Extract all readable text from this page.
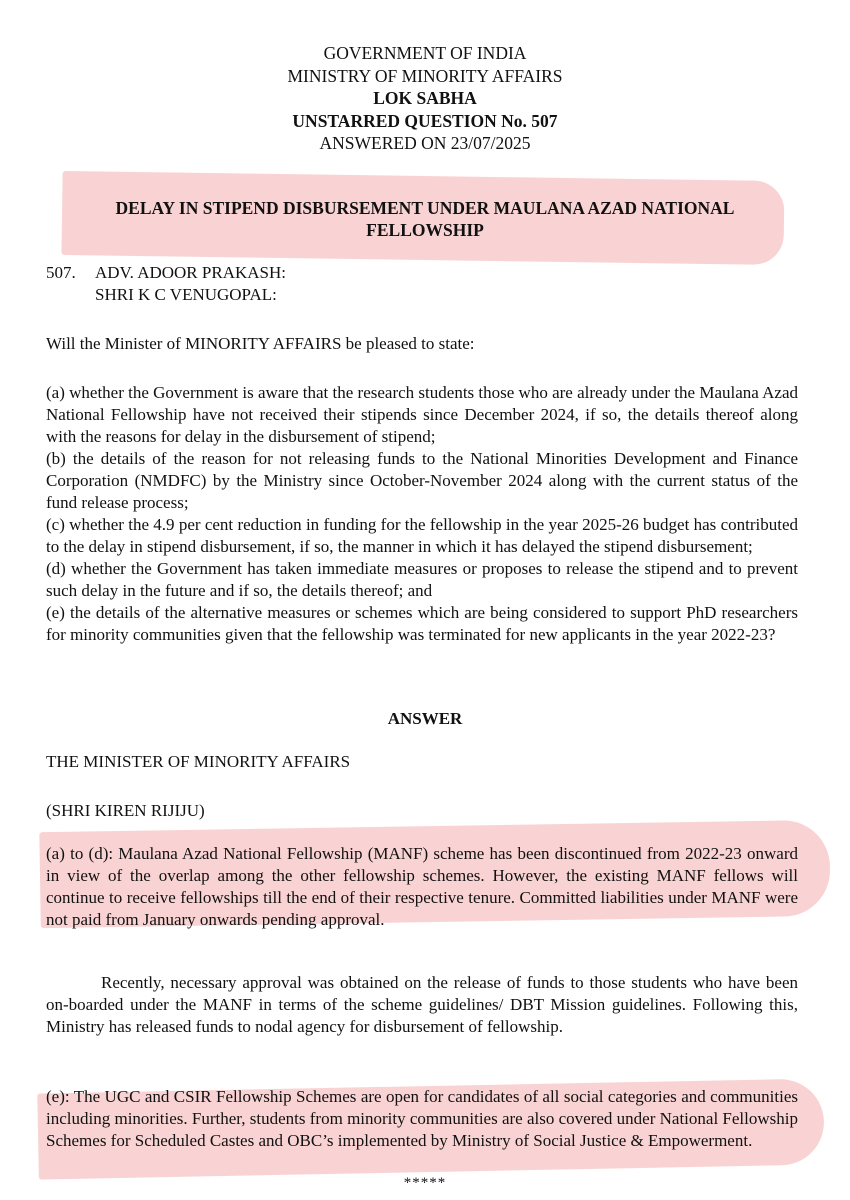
GOVERNMENT OF INDIA
MINISTRY OF MINORITY AFFAIRS
LOK SABHA
UNSTARRED QUESTION No. 507
ANSWERED ON 23/07/2025
DELAY IN STIPEND DISBURSEMENT UNDER MAULANA AZAD NATIONAL FELLOWSHIP
507. ADV. ADOOR PRAKASH:
SHRI K C VENUGOPAL:
Will the Minister of MINORITY AFFAIRS be pleased to state:
(a) whether the Government is aware that the research students those who are already under the Maulana Azad National Fellowship have not received their stipends since December 2024, if so, the details thereof along with the reasons for delay in the disbursement of stipend;
(b) the details of the reason for not releasing funds to the National Minorities Development and Finance Corporation (NMDFC) by the Ministry since October-November 2024 along with the current status of the fund release process;
(c) whether the 4.9 per cent reduction in funding for the fellowship in the year 2025-26 budget has contributed to the delay in stipend disbursement, if so, the manner in which it has delayed the stipend disbursement;
(d) whether the Government has taken immediate measures or proposes to release the stipend and to prevent such delay in the future and if so, the details thereof; and
(e) the details of the alternative measures or schemes which are being considered to support PhD researchers for minority communities given that the fellowship was terminated for new applicants in the year 2022-23?
ANSWER
THE MINISTER OF MINORITY AFFAIRS
(SHRI KIREN RIJIJU)
(a) to (d): Maulana Azad National Fellowship (MANF) scheme has been discontinued from 2022-23 onward in view of the overlap among the other fellowship schemes. However, the existing MANF fellows will continue to receive fellowships till the end of their respective tenure. Committed liabilities under MANF were not paid from January onwards pending approval.
Recently, necessary approval was obtained on the release of funds to those students who have been on-boarded under the MANF in terms of the scheme guidelines/ DBT Mission guidelines. Following this, Ministry has released funds to nodal agency for disbursement of fellowship.
(e): The UGC and CSIR Fellowship Schemes are open for candidates of all social categories and communities including minorities. Further, students from minority communities are also covered under National Fellowship Schemes for Scheduled Castes and OBC’s implemented by Ministry of Social Justice & Empowerment.
*****
